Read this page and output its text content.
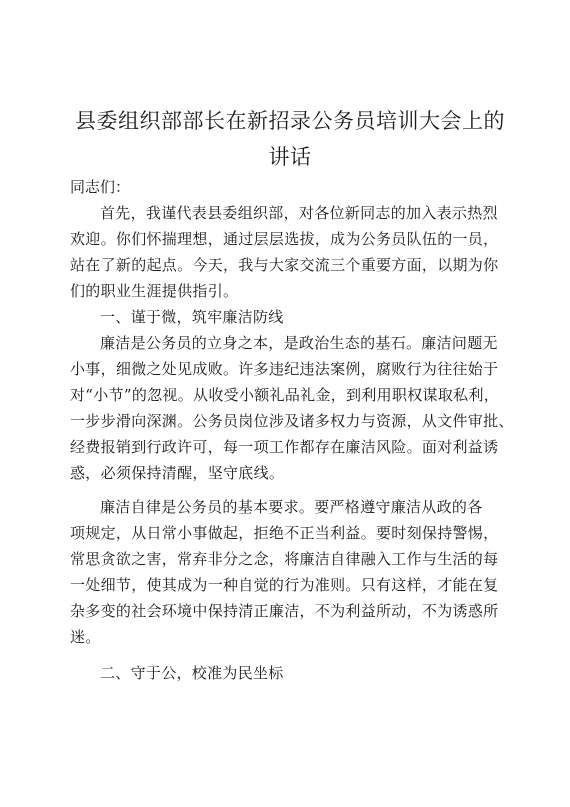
县委组织部部长在新招录公务员培训大会上的
讲话
同志们：
首先，我谨代表县委组织部，对各位新同志的加入表示热烈
欢迎。你们怀揣理想，通过层层选拔，成为公务员队伍的一员，
站在了新的起点。今天，我与大家交流三个重要方面，以期为你
们的职业生涯提供指引。
一、谨于微，筑牢廉洁防线
廉洁是公务员的立身之本，是政治生态的基石。廉洁问题无
小事，细微之处见成败。许多违纪违法案例，腐败行为往往始于
对“小节”的忽视。从收受小额礼品礼金，到利用职权谋取私利，
一步步滑向深渊。公务员岗位涉及诸多权力与资源，从文件审批、
经费报销到行政许可，每一项工作都存在廉洁风险。面对利益诱
惑，必须保持清醒，坚守底线。
廉洁自律是公务员的基本要求。要严格遵守廉洁从政的各
项规定，从日常小事做起，拒绝不正当利益。要时刻保持警惕，
常思贪欲之害，常弃非分之念，将廉洁自律融入工作与生活的每
一处细节，使其成为一种自觉的行为准则。只有这样，才能在复
杂多变的社会环境中保持清正廉洁，不为利益所动，不为诱惑所
迷。
二、守于公，校准为民坐标
